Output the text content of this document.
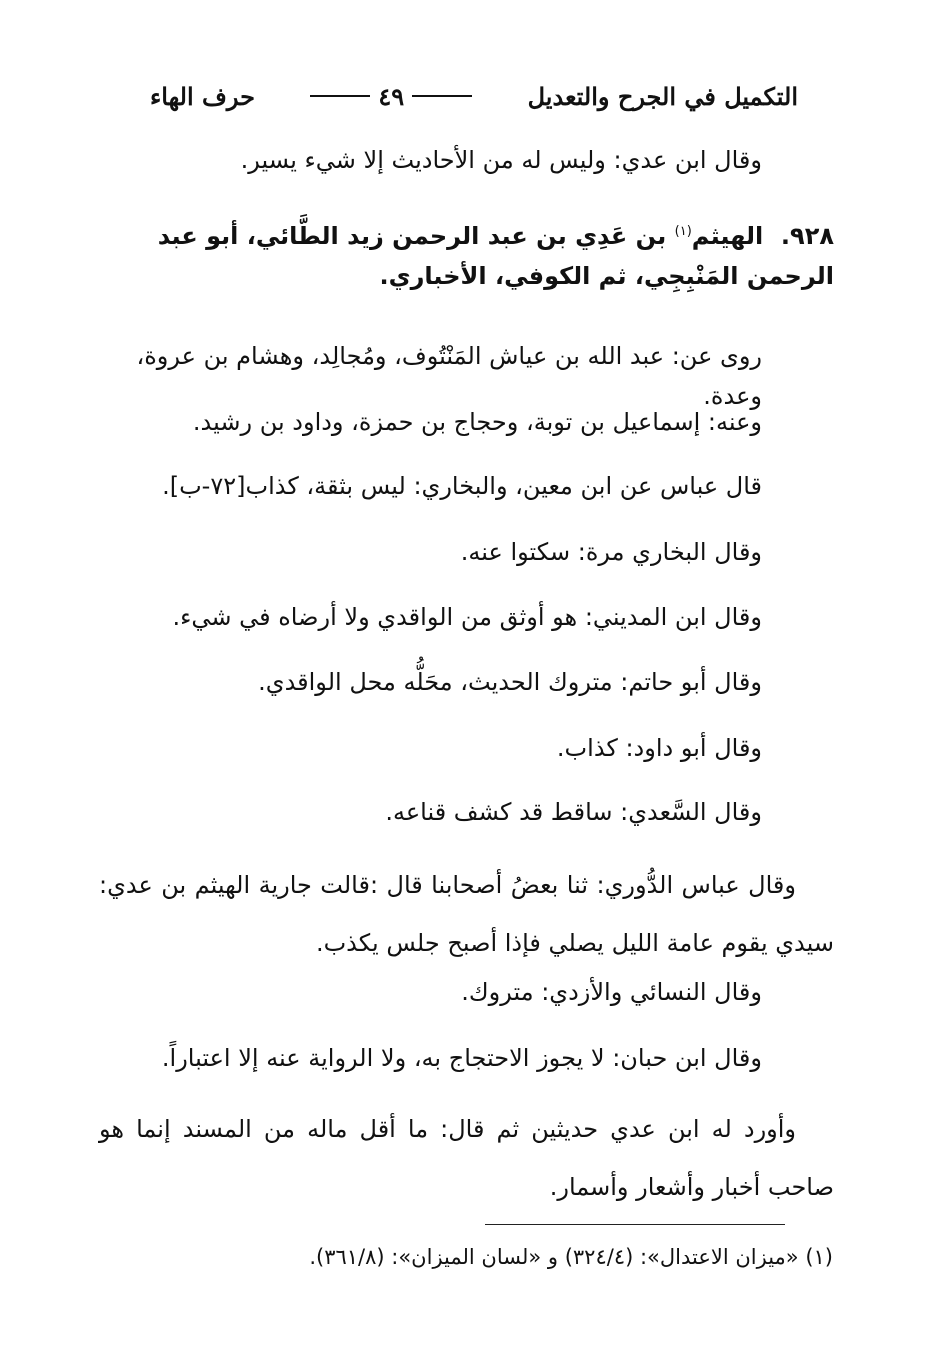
التكميل في الجرح والتعديل
٤٩
حرف الهاء

وقال ابن عدي: وليس له من الأحاديث إلا شيء يسير.

٩٢٨. الهيثم$^{(١)}$ بن عَدِي بن عبد الرحمن زيد الطَّائي، أبو عبد الرحمن المَنْبِجِي، ثم الكوفي، الأخباري.

روى عن: عبد الله بن عياش المَنْتُوف، ومُجالِد، وهشام بن عروة، وعدة.

وعنه: إسماعيل بن توبة، وحجاج بن حمزة، وداود بن رشيد.

قال عباس عن ابن معين، والبخاري: ليس بثقة، كذاب[٧٢-ب].

وقال البخاري مرة: سكتوا عنه.

وقال ابن المديني: هو أوثق من الواقدي ولا أرضاه في شيء.

وقال أبو حاتم: متروك الحديث، محَلُّه محل الواقدي.

وقال أبو داود: كذاب.

وقال السَّعدي: ساقط قد كشف قناعه.

وقال عباس الدُّوري: ثنا بعضُ أصحابنا قال :قالت جارية الهيثم بن عدي: سيدي يقوم عامة الليل يصلي فإذا أصبح جلس يكذب.

وقال النسائي والأزدي: متروك.

وقال ابن حبان: لا يجوز الاحتجاج به، ولا الرواية عنه إلا اعتباراً.

وأورد له ابن عدي حديثين ثم قال: ما أقل ماله من المسند إنما هو صاحب أخبار وأشعار وأسمار.

(١) «ميزان الاعتدال»: (٣٢٤/٤) و «لسان الميزان»: (٣٦١/٨).
